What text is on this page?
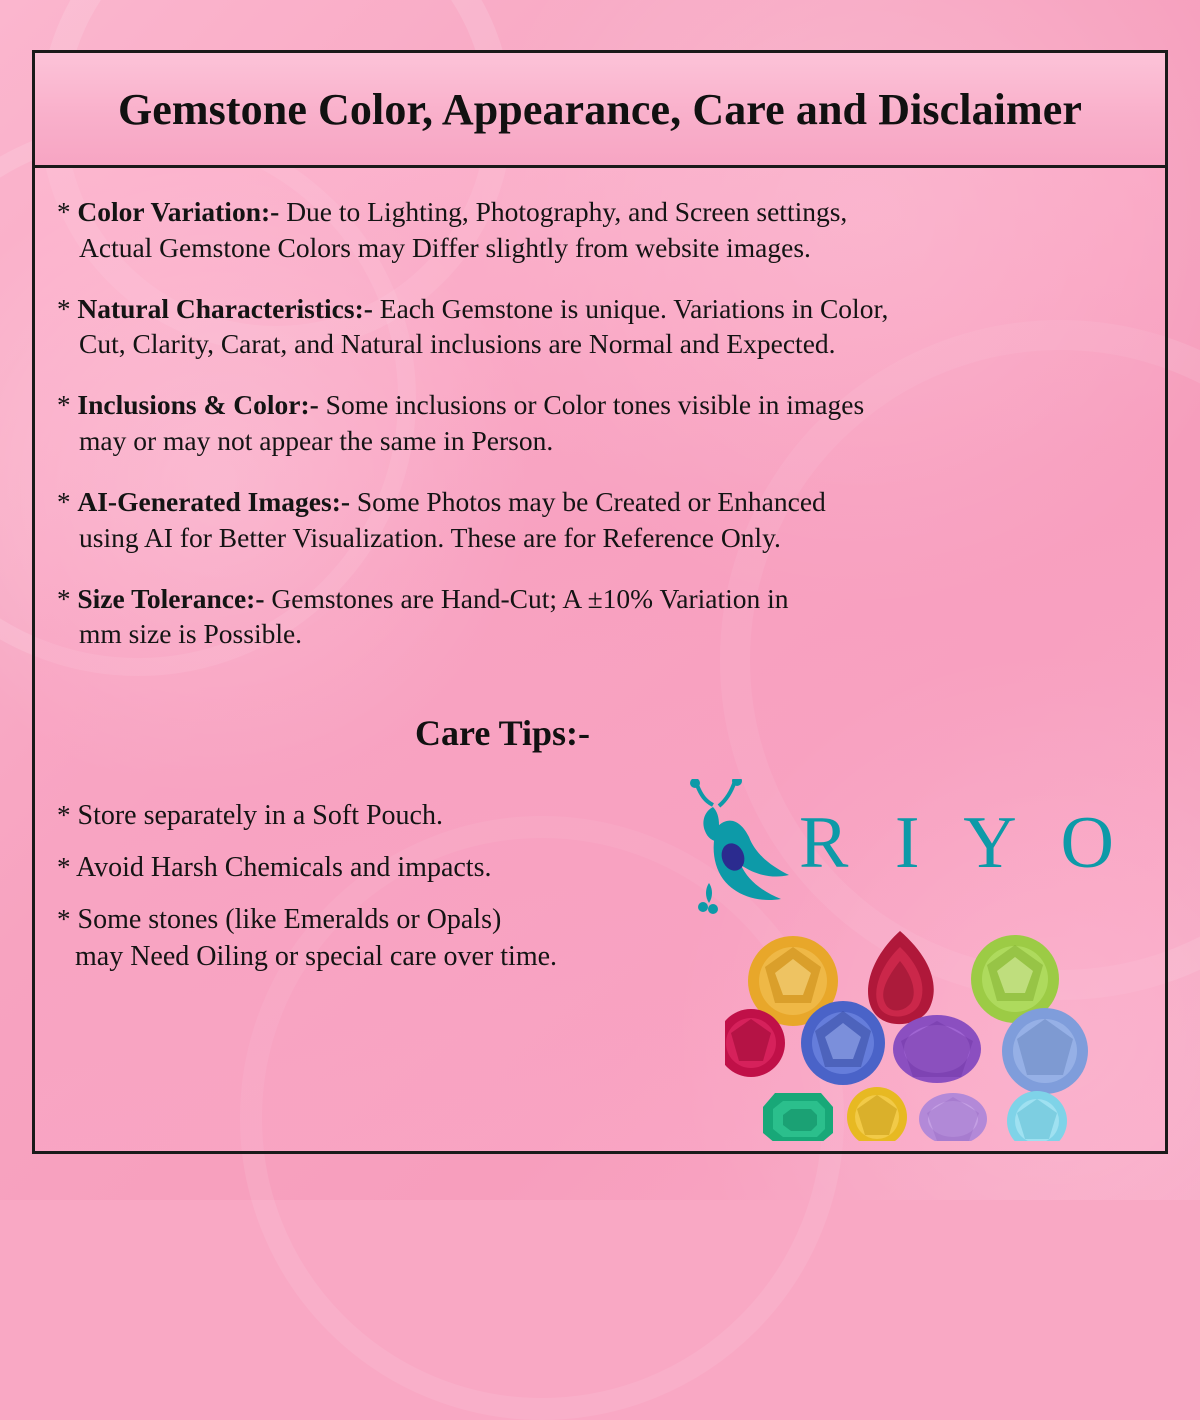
Gemstone Color, Appearance, Care and Disclaimer
* Color Variation:- Due to Lighting, Photography, and Screen settings,
Actual Gemstone Colors may Differ slightly from website images.
* Natural Characteristics:- Each Gemstone is unique. Variations in Color,
Cut, Clarity, Carat, and Natural inclusions are Normal and Expected.
* Inclusions & Color:- Some inclusions or Color tones visible in images
may or may not appear the same in Person.
* AI-Generated Images:- Some Photos may be Created or Enhanced
using AI for Better Visualization. These are for Reference Only.
* Size Tolerance:- Gemstones are Hand-Cut; A ±10% Variation in
mm size is Possible.
Care Tips:-
* Store separately in a Soft Pouch.
* Avoid Harsh Chemicals and impacts.
* Some stones (like Emeralds or Opals)
may Need Oiling or special care over time.
R I Y O
